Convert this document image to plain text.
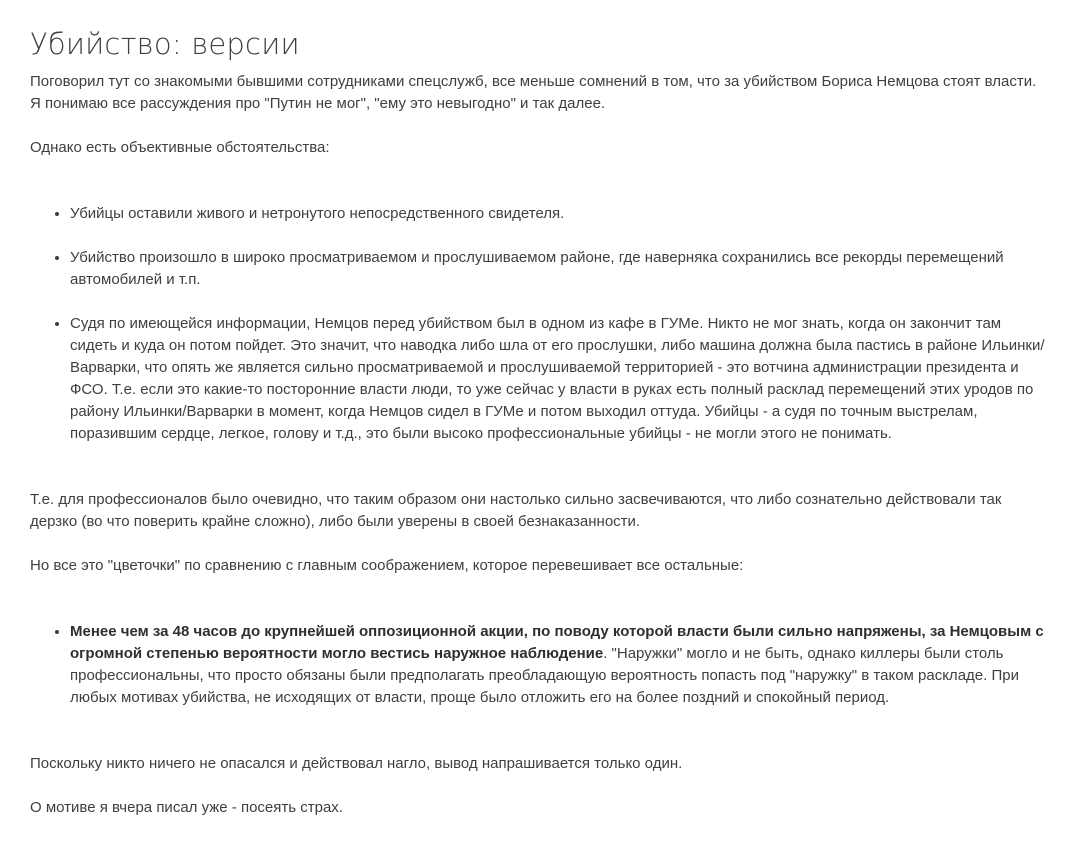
Убийство: версии

Поговорил тут со знакомыми бывшими сотрудниками спецслужб, все меньше сомнений в том, что за убийством Бориса Немцова стоят власти. Я понимаю все рассуждения про "Путин не мог", "ему это невыгодно" и так далее.

Однако есть объективные обстоятельства:

• Убийцы оставили живого и нетронутого непосредственного свидетеля.
• Убийство произошло в широко просматриваемом и прослушиваемом районе, где наверняка сохранились все рекорды перемещений автомобилей и т.п.
• Судя по имеющейся информации, Немцов перед убийством был в одном из кафе в ГУМе. Никто не мог знать, когда он закончит там сидеть и куда он потом пойдет. Это значит, что наводка либо шла от его прослушки, либо машина должна была пастись в районе Ильинки/Варварки, что опять же является сильно просматриваемой и прослушиваемой территорией - это вотчина администрации президента и ФСО. Т.е. если это какие-то посторонние власти люди, то уже сейчас у власти в руках есть полный расклад перемещений этих уродов по району Ильинки/Варварки в момент, когда Немцов сидел в ГУМе и потом выходил оттуда. Убийцы - а судя по точным выстрелам, поразившим сердце, легкое, голову и т.д., это были высоко профессиональные убийцы - не могли этого не понимать.

Т.е. для профессионалов было очевидно, что таким образом они настолько сильно засвечиваются, что либо сознательно действовали так дерзко (во что поверить крайне сложно), либо были уверены в своей безнаказанности.

Но все это "цветочки" по сравнению с главным соображением, которое перевешивает все остальные:

• Менее чем за 48 часов до крупнейшей оппозиционной акции, по поводу которой власти были сильно напряжены, за Немцовым с огромной степенью вероятности могло вестись наружное наблюдение. "Наружки" могло и не быть, однако киллеры были столь профессиональны, что просто обязаны были предполагать преобладающую вероятность попасть под "наружку" в таком раскладе. При любых мотивах убийства, не исходящих от власти, проще было отложить его на более поздний и спокойный период.

Поскольку никто ничего не опасался и действовал нагло, вывод напрашивается только один.

О мотиве я вчера писал уже - посеять страх.
